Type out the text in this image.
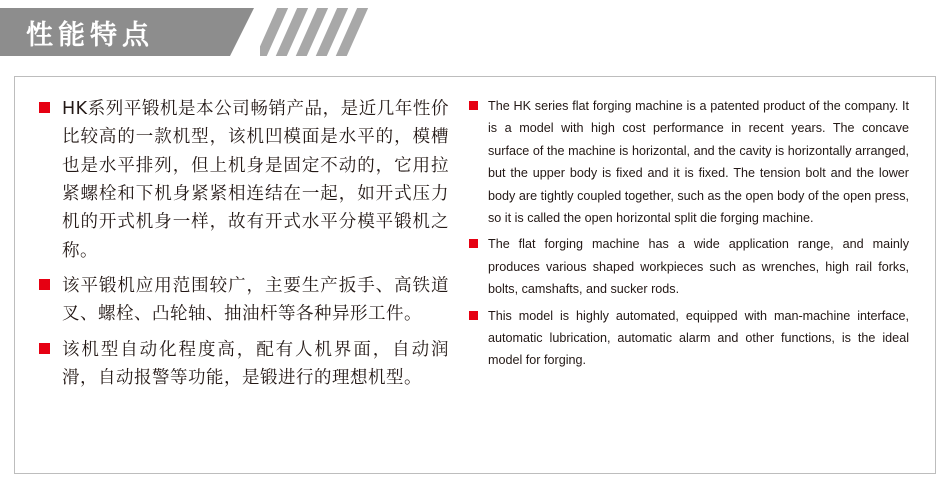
性能特点
HK系列平锻机是本公司畅销产品，是近几年性价比较高的一款机型，该机凹模面是水平的，模槽也是水平排列，但上机身是固定不动的，它用拉紧螺栓和下机身紧紧相连结在一起，如开式压力机的开式机身一样，故有开式水平分模平锻机之称。
该平锻机应用范围较广，主要生产扳手、高铁道叉、螺栓、凸轮轴、抽油杆等各种异形工件。
该机型自动化程度高，配有人机界面，自动润滑，自动报警等功能，是锻进行的理想机型。
The HK series flat forging machine is a patented product of the company. It is a model with high cost performance in recent years. The concave surface of the machine is horizontal, and the cavity is horizontally arranged, but the upper body is fixed and it is fixed. The tension bolt and the lower body are tightly coupled together, such as the open body of the open press, so it is called the open horizontal split die forging machine.
The flat forging machine has a wide application range, and mainly produces various shaped workpieces such as wrenches, high rail forks, bolts, camshafts, and sucker rods.
This model is highly automated, equipped with man-machine interface, automatic lubrication, automatic alarm and other functions, is the ideal model for forging.
